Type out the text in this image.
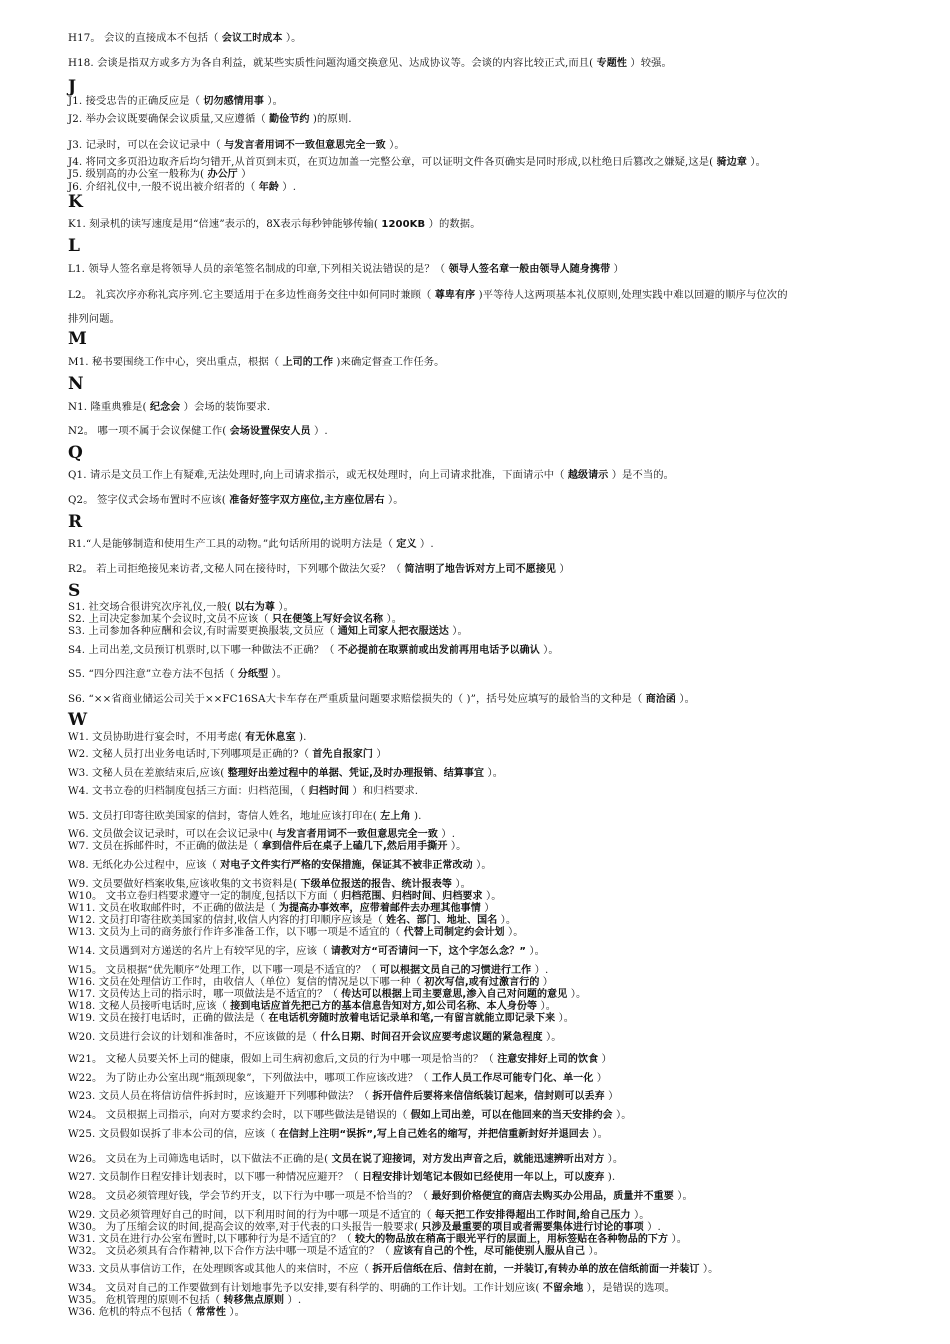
H17。 会议的直接成本不包括（ 会议工时成本 ）。
H18. 会谈是指双方或多方为各自利益，就某些实质性问题沟通交换意见、达成协议等。会谈的内容比较正式,而且( 专题性 ）较强。
J
J1. 接受忠告的正确反应是（ 切勿感情用事 ）。
J2. 举办会议既要确保会议质量,又应遵循（ 勤俭节约 )的原则.
J3. 记录时，可以在会议记录中（ 与发言者用词不一致但意思完全一致 ）。
J4. 将同文多页沿边取齐后均匀错开,从首页到末页，在页边加盖一完整公章，可以证明文件各页确实是同时形成,以杜绝日后篡改之嫌疑,这是( 骑边章 ）。
J5. 级别高的办公室一般称为( 办公厅 ）
J6. 介绍礼仪中,一般不说出被介绍者的（ 年龄 ）.
K
K1. 刻录机的读写速度是用“倍速”表示的，8X表示每秒钟能够传输( 1200KB ）的数据。
L
L1. 领导人签名章是将领导人员的亲笔签名制成的印章,下列相关说法错误的是？（ 领导人签名章一般由领导人随身携带 ）
L2。 礼宾次序亦称礼宾序列.它主要适用于在多边性商务交往中如何同时兼顾（ 尊卑有序 )平等待人这两项基本礼仪原则,处理实践中难以回避的顺序与位次的
排列问题。
M
M1. 秘书要围绕工作中心，突出重点，根据（ 上司的工作 )来确定督查工作任务。
N
N1. 隆重典雅是( 纪念会 ）会场的装饰要求.
N2。 哪一项不属于会议保健工作( 会场设置保安人员 ）.
Q
Q1. 请示是文员工作上有疑难,无法处理时,向上司请求指示，或无权处理时，向上司请求批准，下面请示中（ 越级请示 ）是不当的。
Q2。 签字仪式会场布置时不应该( 准备好签字双方座位,主方座位居右 ）。
R
R1.“人是能够制造和使用生产工具的动物。”此句话所用的说明方法是（ 定义 ）.
R2。 若上司拒绝接见来访者,文秘人同在接待时，下列哪个做法欠妥？（ 简洁明了地告诉对方上司不愿接见 ）
S
S1. 社交场合很讲究次序礼仪,一般( 以右为尊 ）。
S2. 上司决定参加某个会议时,文员不应该（ 只在便笺上写好会议名称 ）。
S3. 上司参加各种应酬和会议,有时需要更换服装,文员应（ 通知上司家人把衣服送达 ）。
S4. 上司出差,文员预订机票时,以下哪一种做法不正确？（ 不必提前在取票前或出发前再用电话予以确认 ）。
S5. “四分四注意”立卷方法不包括（ 分纸型 ）。
S6. “××省商业储运公司关于××FC16SA大卡车存在严重质量问题要求赔偿损失的（ )”，括号处应填写的最恰当的文种是（ 商洽函 ）。
W
W1. 文员协助进行宴会时，不用考虑( 有无休息室 ).
W2. 文秘人员打出业务电话时,下列哪项是正确的?（ 首先自报家门 ）
W3. 文秘人员在差旅结束后,应该( 整理好出差过程中的单据、凭证,及时办理报销、结算事宜 ）。
W4. 文书立卷的归档制度包括三方面：归档范围，（ 归档时间 ）和归档要求.
W5. 文员打印寄往欧美国家的信封，寄信人姓名，地址应该打印在( 左上角 ).
W6. 文员做会议记录时，可以在会议记录中( 与发言者用词不一致但意思完全一致 ）.
W7. 文员在拆邮件时，不正确的做法是（ 拿到信件后在桌子上磕几下,然后用手撕开 ）。
W8. 无纸化办公过程中，应该（ 对电子文件实行严格的安保措施，保证其不被非正常改动 ）。
W9. 文员要做好档案收集,应该收集的文书资料是( 下级单位报送的报告、统计报表等 ）。
W10。 文书立卷归档要求遵守一定的制度,包括以下方面（ 归档范围、归档时间、归档要求 ）。
W11. 文员在收取邮件时，不正确的做法是（ 为提高办事效率，应带着邮件去办理其他事情 ）
W12. 文员打印寄往欧美国家的信封,收信人内容的打印顺序应该是（ 姓名、部门、地址、国名 ）。
W13. 文员为上司的商务旅行作许多准备工作，以下哪一项是不适宜的（ 代替上司制定约会计划 ）。
W14. 文员遇到对方递送的名片上有较罕见的字，应该（ 请教对方“可否请问一下，这个字怎么念？” ）。
W15。 文员根据“优先顺序”处理工作，以下哪一项是不适宜的？（ 可以根据文员自己的习惯进行工作 ）.
W16. 文员在处理信访工作时，由收信人（单位）复信的情况是以下哪一种（ 初次写信,或有过激言行的 ）
W17. 文员传达上司的指示时，哪一项做法是不适宜的？（ 传达可以根据上司主要意思,渗入自己对问题的意见 ）。
W18. 文秘人员接听电话时,应该（ 接到电话应首先把己方的基本信息告知对方,如公司名称、本人身份等 ）。
W19. 文员在接打电话时，正确的做法是（ 在电话机旁随时放着电话记录单和笔,一有留言就能立即记录下来 ）。
W20. 文员进行会议的计划和准备时，不应该做的是（ 什么日期、时间召开会议应要考虑议题的紧急程度 ）。
W21。 文秘人员要关怀上司的健康，假如上司生病初愈后,文员的行为中哪一项是恰当的？（ 注意安排好上司的饮食 ）
W22。 为了防止办公室出现“瓶颈现象”，下列做法中，哪项工作应该改进？（ 工作人员工作尽可能专门化、单一化 ）
W23. 文员人员在将信访信件拆封时，应该避开下列哪种做法？（ 拆开信件后要将来信信纸装订起来，信封则可以丢弃 ）
W24。 文员根据上司指示，向对方要求约会时，以下哪些做法是错误的（ 假如上司出差，可以在他回来的当天安排约会 ）。
W25. 文员假如误拆了非本公司的信，应该（ 在信封上注明“误拆”,写上自己姓名的缩写，并把信重新封好并退回去 ）。
W26。 文员在为上司筛选电话时，以下做法不正确的是( 文员在说了迎接词，对方发出声音之后，就能迅速辨听出对方 ）。
W27. 文员制作日程安排计划表时，以下哪一种情况应避开？（ 日程安排计划笔记本假如已经使用一年以上，可以废弃 ).
W28。 文员必须管理好钱，学会节约开支，以下行为中哪一项是不恰当的？（ 最好到价格便宜的商店去购买办公用品，质量并不重要 ）。
W29. 文员必须管理好自己的时间，以下利用时间的行为中哪一项是不适宜的（ 每天把工作安排得超出工作时间,给自己压力 ）。
W30。 为了压缩会议的时间,提高会议的效率,对于代表的口头报告一般要求( 只涉及最重要的项目或者需要集体进行讨论的事项 ）.
W31. 文员在进行办公室布置时,以下哪种行为是不适宜的？（ 较大的物品放在稍高于眼光平行的层面上，用标签贴在各种物品的下方 ）。
W32。 文员必须具有合作精神,以下合作方法中哪一项是不适宜的？（ 应该有自己的个性，尽可能使别人服从自己 ）。
W33. 文员从事信访工作，在处理顾客或其他人的来信时，不应（ 拆开后信纸在后、信封在前，一并装订,有转办单的放在信纸前面一并装订 ）。
W34。 文员对自己的工作要做到有计划地事先予以安排,要有科学的、明确的工作计划。工作计划应该( 不留余地 ），是错误的选项。
W35。 危机管理的原则不包括（ 转移焦点原则 ）.
W36. 危机的特点不包括（ 常常性 ）。
